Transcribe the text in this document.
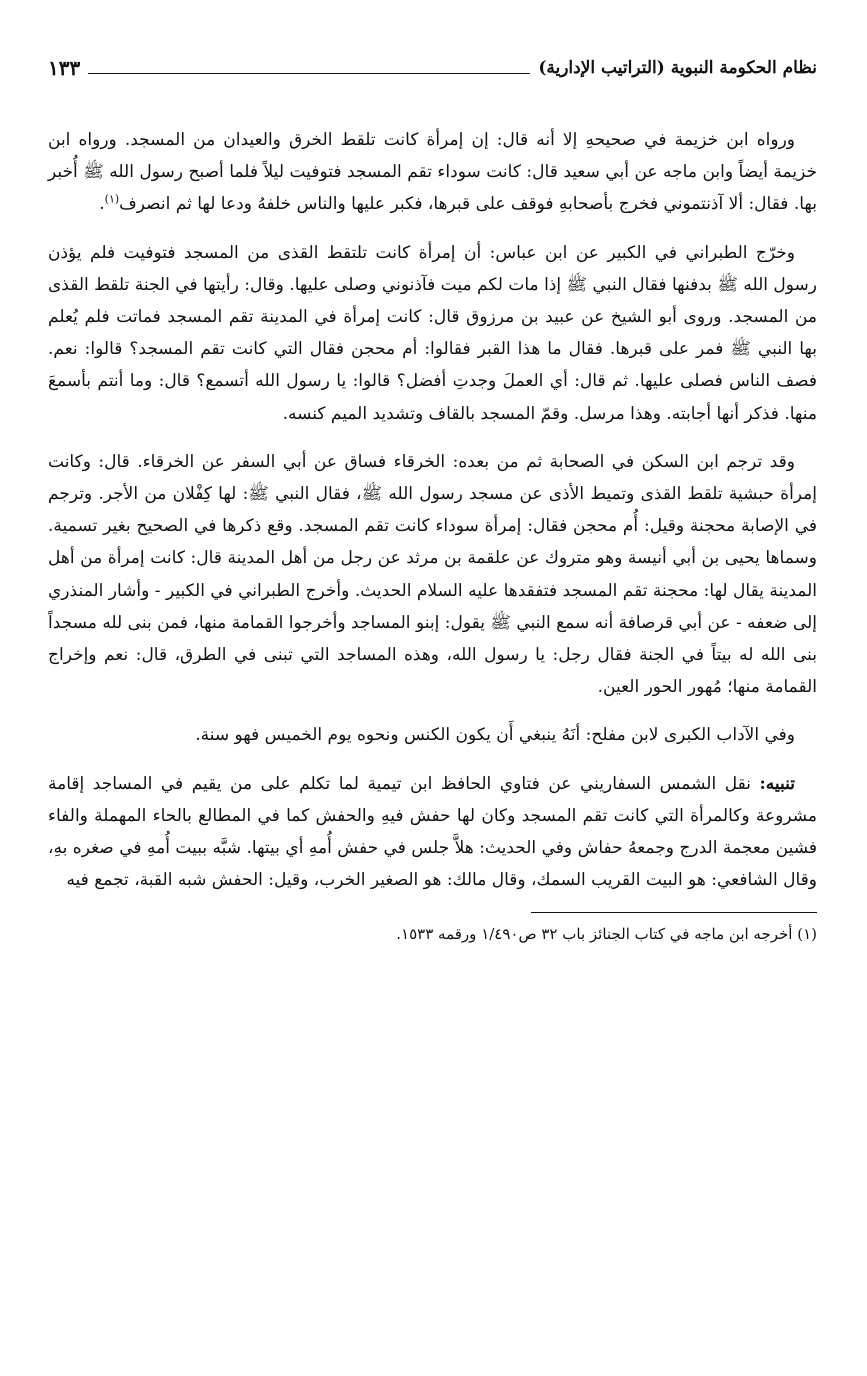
نظام الحكومة النبوية (التراتيب الإدارية)
١٣٣

ورواه ابن خزيمة في صحيحهِ إلا أنه قال: إن إمرأة كانت تلقط الخرق والعيدان من المسجد. ورواه ابن خزيمة أيضاً وابن ماجه عن أبي سعيد قال: كانت سوداء تقم المسجد فتوفيت ليلاً فلما أصبح رسول الله ﷺ أُخبر بها. فقال: ألا آذنتموني فخرج بأصحابهِ فوقف على قبرها، فكبر عليها والناس خلفهُ ودعا لها ثم انصرف$^{(١)}$.

وخرّج الطبراني في الكبير عن ابن عباس: أن إمرأة كانت تلتقط القذى من المسجد فتوفيت فلم يؤذن رسول الله ﷺ بدفنها فقال النبي ﷺ إذا مات لكم ميت فآذنوني وصلى عليها. وقال: رأيتها في الجنة تلقط القذى من المسجد. وروى أبو الشيخ عن عبيد بن مرزوق قال: كانت إمرأة في المدينة تقم المسجد فماتت فلم يُعلم بها النبي ﷺ فمر على قبرها. فقال ما هذا القبر فقالوا: أم محجن فقال التي كانت تقم المسجد؟ قالوا: نعم. فصف الناس فصلى عليها. ثم قال: أي العملَ وجدتِ أفضل؟ قالوا: يا رسول الله أتسمع؟ قال: وما أنتم بأسمعَ منها. فذكر أنها أجابته. وهذا مرسل. وقمّ المسجد بالقاف وتشديد الميم كنسه.

وقد ترجم ابن السكن في الصحابة ثم من بعده: الخرقاء فساق عن أبي السفر عن الخرقاء. قال: وكانت إمرأة حبشية تلقط القذى وتميط الأذى عن مسجد رسول الله ﷺ، فقال النبي ﷺ: لها كِفْلان من الأجر. وترجم في الإصابة محجنة وقيل: أُم محجن فقال: إمرأة سوداء كانت تقم المسجد. وقع ذكرها في الصحيح بغير تسمية. وسماها يحيى بن أبي أنيسة وهو متروك عن علقمة بن مرثد عن رجل من أهل المدينة قال: كانت إمرأة من أهل المدينة يقال لها: محجنة تقم المسجد فتفقدها عليه السلام الحديث. وأخرج الطبراني في الكبير - وأشار المنذري إلى ضعفه - عن أبي قرصافة أنه سمع النبي ﷺ يقول: إبنو المساجد وأخرجوا القمامة منها، فمن بنى لله مسجداً بنى الله له بيتاً في الجنة فقال رجل: يا رسول الله، وهذه المساجد التي تبنى في الطرق، قال: نعم وإخراج القمامة منها؛ مُهور الحور العين.

وفي الآداب الكبرى لابن مفلح: أنَهُ ينبغي أَن يكون الكنس ونحوه يوم الخميس فهو سنة.

تنبيه: نقل الشمس السفاريني عن فتاوي الحافظ ابن تيمية لما تكلم على من يقيم في المساجد إقامة مشروعة وكالمرأة التي كانت تقم المسجد وكان لها حفش فيهِ والحفش كما في المطالع بالحاء المهملة والفاء فشين معجمة الدرج وجمعهُ حفاش وفي الحديث: هلاَّ جلس في حفش أُمهِ أي بيتها. شبَّه ببيت أُمهِ في صغره بهِ، وقال الشافعي: هو البيت القريب السمك، وقال مالك: هو الصغير الخرب، وقيل: الحفش شبه القبة، تجمع فيه

(١) أخرجه ابن ماجه في كتاب الجنائز باب ٣٢ ص١/٤٩٠ ورقمه ١٥٣٣.
